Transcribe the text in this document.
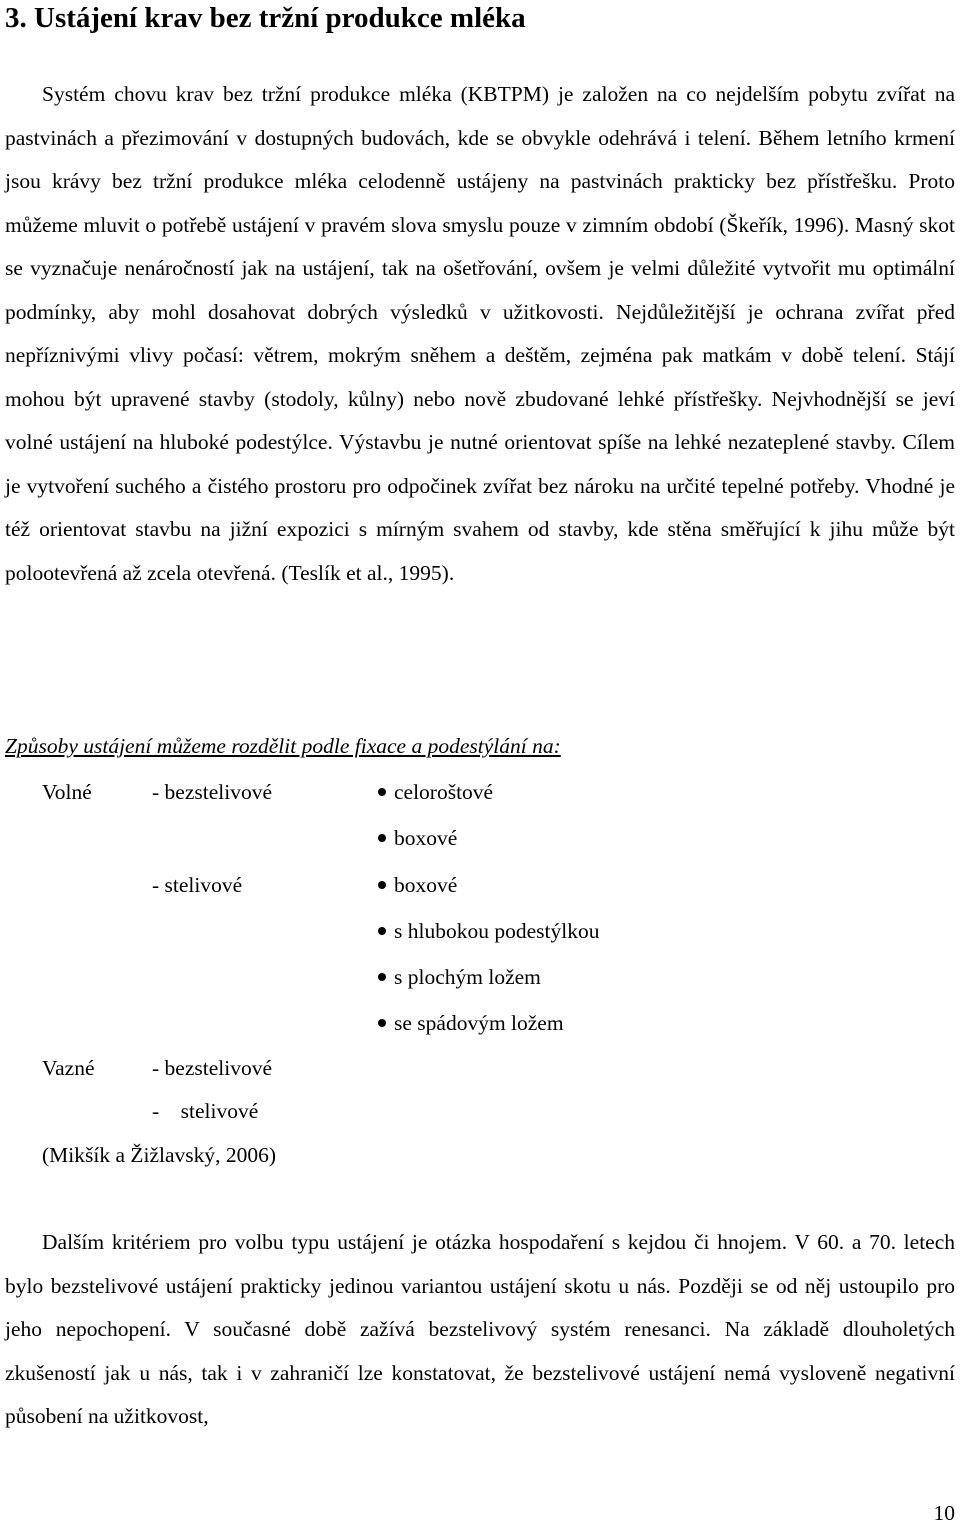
3. Ustájení krav bez tržní produkce mléka

Systém chovu krav bez tržní produkce mléka (KBTPM) je založen na co nejdelším pobytu zvířat na pastvinách a přezimování v dostupných budovách, kde se obvykle odehrává i telení. Během letního krmení jsou krávy bez tržní produkce mléka celodenně ustájeny na pastvinách prakticky bez přístřešku. Proto můžeme mluvit o potřebě ustájení v pravém slova smyslu pouze v zimním období (Škeřík, 1996). Masný skot se vyznačuje nenáročností jak na ustájení, tak na ošetřování, ovšem je velmi důležité vytvořit mu optimální podmínky, aby mohl dosahovat dobrých výsledků v užitkovosti. Nejdůležitější je ochrana zvířat před nepříznivými vlivy počasí: větrem, mokrým sněhem a deštěm, zejména pak matkám v době telení. Stájí mohou být upravené stavby (stodoly, kůlny) nebo nově zbudované lehké přístřešky. Nejvhodnější se jeví volné ustájení na hluboké podestýlce. Výstavbu je nutné orientovat spíše na lehké nezateplené stavby. Cílem je vytvoření suchého a čistého prostoru pro odpočinek zvířat bez nároku na určité tepelné potřeby. Vhodné je též orientovat stavbu na jižní expozici s mírným svahem od stavby, kde stěna směřující k jihu může být polootevřená až zcela otevřená. (Teslík et al., 1995).

Způsoby ustájení můžeme rozdělit podle fixace a podestýlání na:
Volné	- bezstelivové	celoroštové
boxové
- stelivové	boxové
s hlubokou podestýlkou
s plochým ložem
se spádovým ložem
Vazné	- bezstelivové
-    stelivové
(Mikšík a Žižlavský, 2006)

Dalším kritériem pro volbu typu ustájení je otázka hospodaření s kejdou či hnojem. V 60. a 70. letech bylo bezstelivové ustájení prakticky jedinou variantou ustájení skotu u nás. Později se od něj ustoupilo pro jeho nepochopení. V současné době zažívá bezstelivový systém renesanci. Na základě dlouholetých zkušeností jak u nás, tak i v zahraničí lze konstatovat, že bezstelivové ustájení nemá vysloveně negativní působení na užitkovost,

10
